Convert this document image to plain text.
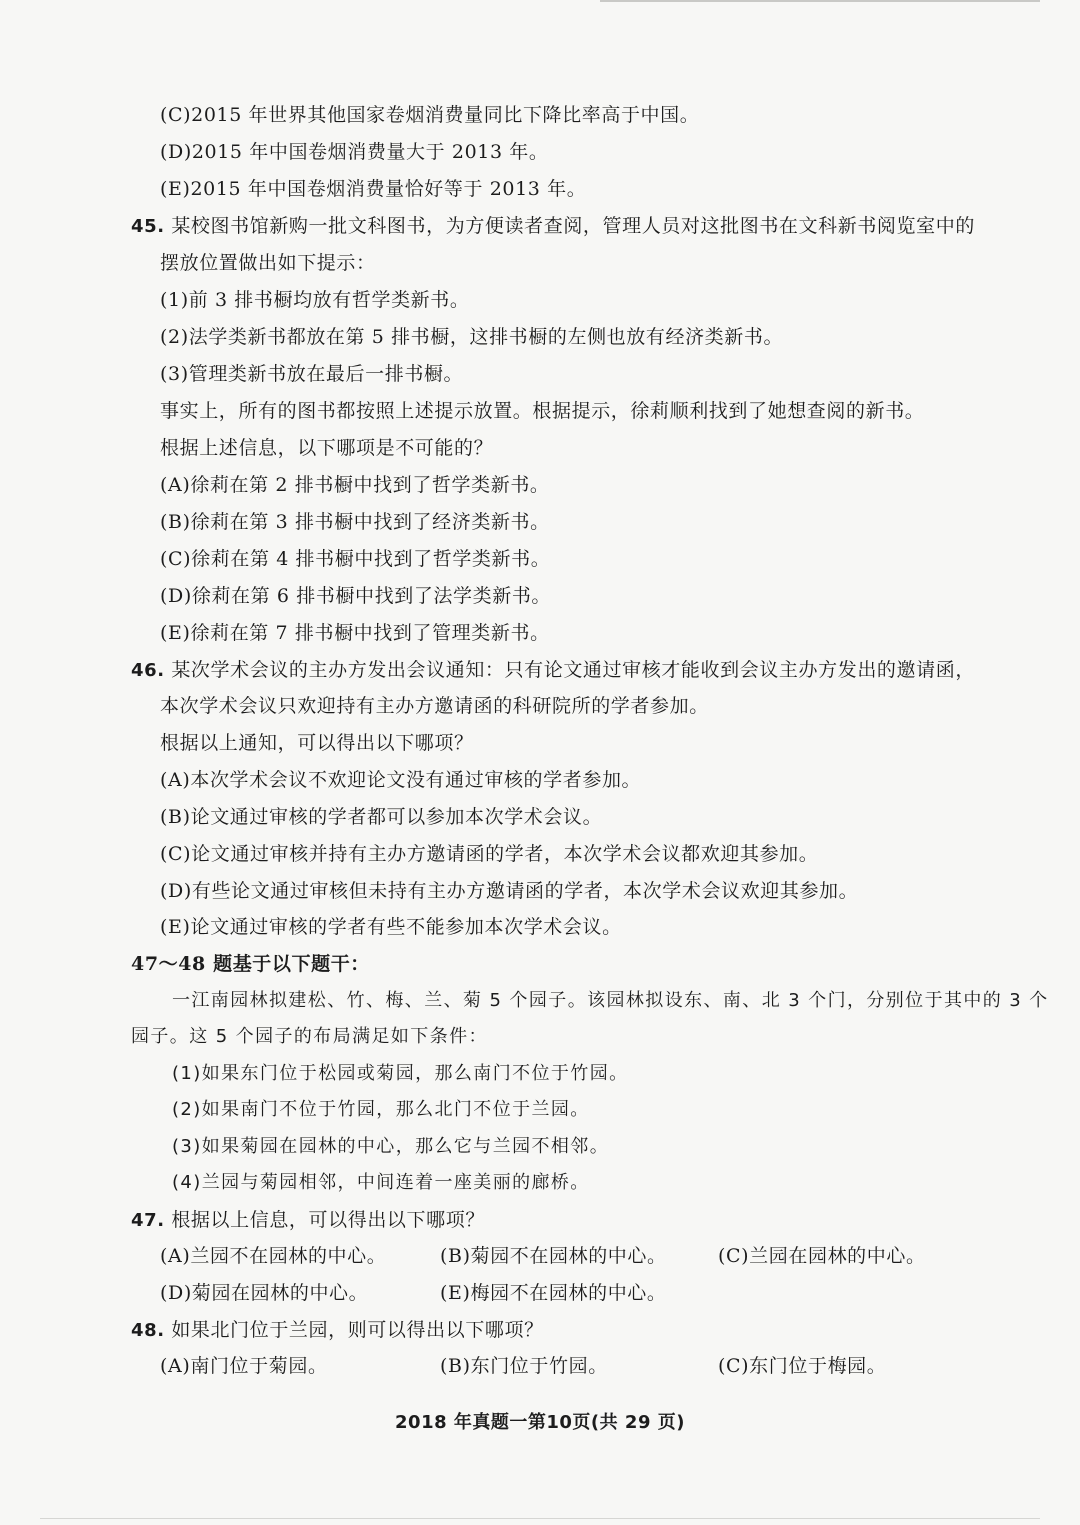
(C)2015 年世界其他国家卷烟消费量同比下降比率高于中国。
(D)2015 年中国卷烟消费量大于 2013 年。
(E)2015 年中国卷烟消费量恰好等于 2013 年。
45. 某校图书馆新购一批文科图书，为方便读者查阅，管理人员对这批图书在文科新书阅览室中的
摆放位置做出如下提示：
(1)前 3 排书橱均放有哲学类新书。
(2)法学类新书都放在第 5 排书橱，这排书橱的左侧也放有经济类新书。
(3)管理类新书放在最后一排书橱。
事实上，所有的图书都按照上述提示放置。根据提示，徐莉顺利找到了她想查阅的新书。
根据上述信息，以下哪项是不可能的？
(A)徐莉在第 2 排书橱中找到了哲学类新书。
(B)徐莉在第 3 排书橱中找到了经济类新书。
(C)徐莉在第 4 排书橱中找到了哲学类新书。
(D)徐莉在第 6 排书橱中找到了法学类新书。
(E)徐莉在第 7 排书橱中找到了管理类新书。
46. 某次学术会议的主办方发出会议通知：只有论文通过审核才能收到会议主办方发出的邀请函，
本次学术会议只欢迎持有主办方邀请函的科研院所的学者参加。
根据以上通知，可以得出以下哪项？
(A)本次学术会议不欢迎论文没有通过审核的学者参加。
(B)论文通过审核的学者都可以参加本次学术会议。
(C)论文通过审核并持有主办方邀请函的学者，本次学术会议都欢迎其参加。
(D)有些论文通过审核但未持有主办方邀请函的学者，本次学术会议欢迎其参加。
(E)论文通过审核的学者有些不能参加本次学术会议。
47～48 题基于以下题干：
一江南园林拟建松、竹、梅、兰、菊 5 个园子。该园林拟设东、南、北 3 个门，分别位于其中的 3 个
园子。这 5 个园子的布局满足如下条件：
(1)如果东门位于松园或菊园，那么南门不位于竹园。
(2)如果南门不位于竹园，那么北门不位于兰园。
(3)如果菊园在园林的中心，那么它与兰园不相邻。
(4)兰园与菊园相邻，中间连着一座美丽的廊桥。
47. 根据以上信息，可以得出以下哪项？
(A)兰园不在园林的中心。	(B)菊园不在园林的中心。	(C)兰园在园林的中心。
(D)菊园在园林的中心。	(E)梅园不在园林的中心。
48. 如果北门位于兰园，则可以得出以下哪项？
(A)南门位于菊园。	(B)东门位于竹园。	(C)东门位于梅园。
2018 年真题一第10页(共 29 页)
